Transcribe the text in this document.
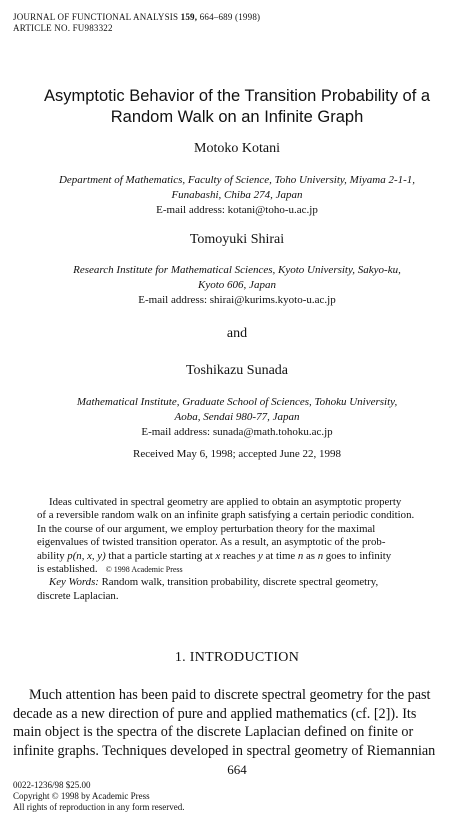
JOURNAL OF FUNCTIONAL ANALYSIS 159, 664–689 (1998)
ARTICLE NO. FU983322
Asymptotic Behavior of the Transition Probability of a
Random Walk on an Infinite Graph
Motoko Kotani
Department of Mathematics, Faculty of Science, Toho University, Miyama 2-1-1,
Funabashi, Chiba 274, Japan
E-mail address: kotani@toho-u.ac.jp
Tomoyuki Shirai
Research Institute for Mathematical Sciences, Kyoto University, Sakyo-ku,
Kyoto 606, Japan
E-mail address: shirai@kurims.kyoto-u.ac.jp
and
Toshikazu Sunada
Mathematical Institute, Graduate School of Sciences, Tohoku University,
Aoba, Sendai 980-77, Japan
E-mail address: sunada@math.tohoku.ac.jp
Received May 6, 1998; accepted June 22, 1998
Ideas cultivated in spectral geometry are applied to obtain an asymptotic property
of a reversible random walk on an infinite graph satisfying a certain periodic condition.
In the course of our argument, we employ perturbation theory for the maximal
eigenvalues of twisted transition operator. As a result, an asymptotic of the prob-
ability p(n, x, y) that a particle starting at x reaches y at time n as n goes to infinity
is established. © 1998 Academic Press
Key Words: Random walk, transition probability, discrete spectral geometry,
discrete Laplacian.
1. INTRODUCTION
Much attention has been paid to discrete spectral geometry for the past
decade as a new direction of pure and applied mathematics (cf. [2]). Its
main object is the spectra of the discrete Laplacian defined on finite or
infinite graphs. Techniques developed in spectral geometry of Riemannian
664
0022-1236/98 $25.00
Copyright © 1998 by Academic Press
All rights of reproduction in any form reserved.
